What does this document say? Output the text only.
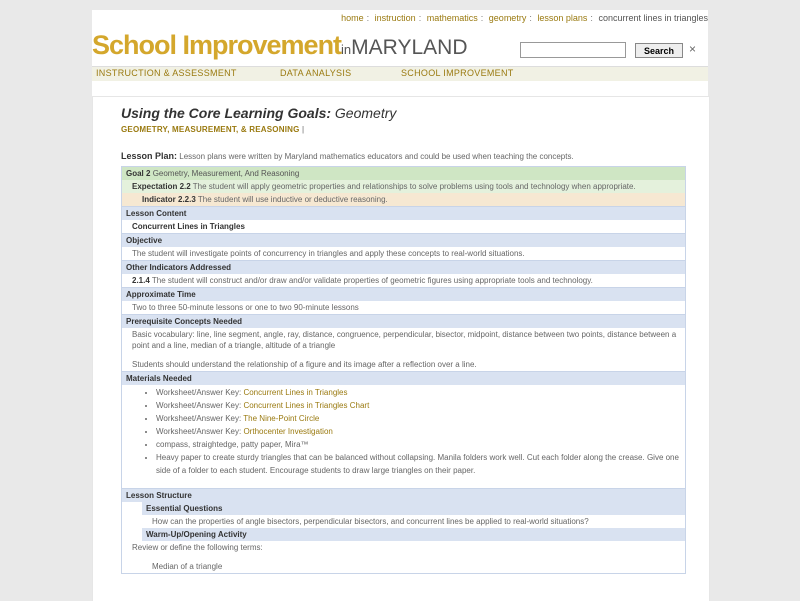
home : instruction : mathematics : geometry : lesson plans : concurrent lines in triangles
School ImprovementinMARYLAND	Search	×
INSTRUCTION & ASSESSMENT	DATA ANALYSIS	SCHOOL IMPROVEMENT
Using the Core Learning Goals: Geometry
GEOMETRY, MEASUREMENT, & REASONING |
Lesson Plan: Lesson plans were written by Maryland mathematics educators and could be used when teaching the concepts.
Goal 2 Geometry, Measurement, And Reasoning
Expectation 2.2 The student will apply geometric properties and relationships to solve problems using tools and technology when appropriate.
Indicator 2.2.3 The student will use inductive or deductive reasoning.
Lesson Content
Concurrent Lines in Triangles
Objective
The student will investigate points of concurrency in triangles and apply these concepts to real-world situations.
Other Indicators Addressed
2.1.4 The student will construct and/or draw and/or validate properties of geometric figures using appropriate tools and technology.
Approximate Time
Two to three 50-minute lessons or one to two 90-minute lessons
Prerequisite Concepts Needed
Basic vocabulary: line, line segment, angle, ray, distance, congruence, perpendicular, bisector, midpoint, distance between two points, distance between a point and a line, median of a triangle, altitude of a triangle
Students should understand the relationship of a figure and its image after a reflection over a line.
Materials Needed
• Worksheet/Answer Key: Concurrent Lines in Triangles
• Worksheet/Answer Key: Concurrent Lines in Triangles Chart
• Worksheet/Answer Key: The Nine-Point Circle
• Worksheet/Answer Key: Orthocenter Investigation
• compass, straightedge, patty paper, Mira™
• Heavy paper to create sturdy triangles that can be balanced without collapsing. Manila folders work well. Cut each folder along the crease. Give one side of a folder to each student. Encourage students to draw large triangles on their paper.
Lesson Structure
Essential Questions
How can the properties of angle bisectors, perpendicular bisectors, and concurrent lines be applied to real-world situations?
Warm-Up/Opening Activity
Review or define the following terms:
Median of a triangle
